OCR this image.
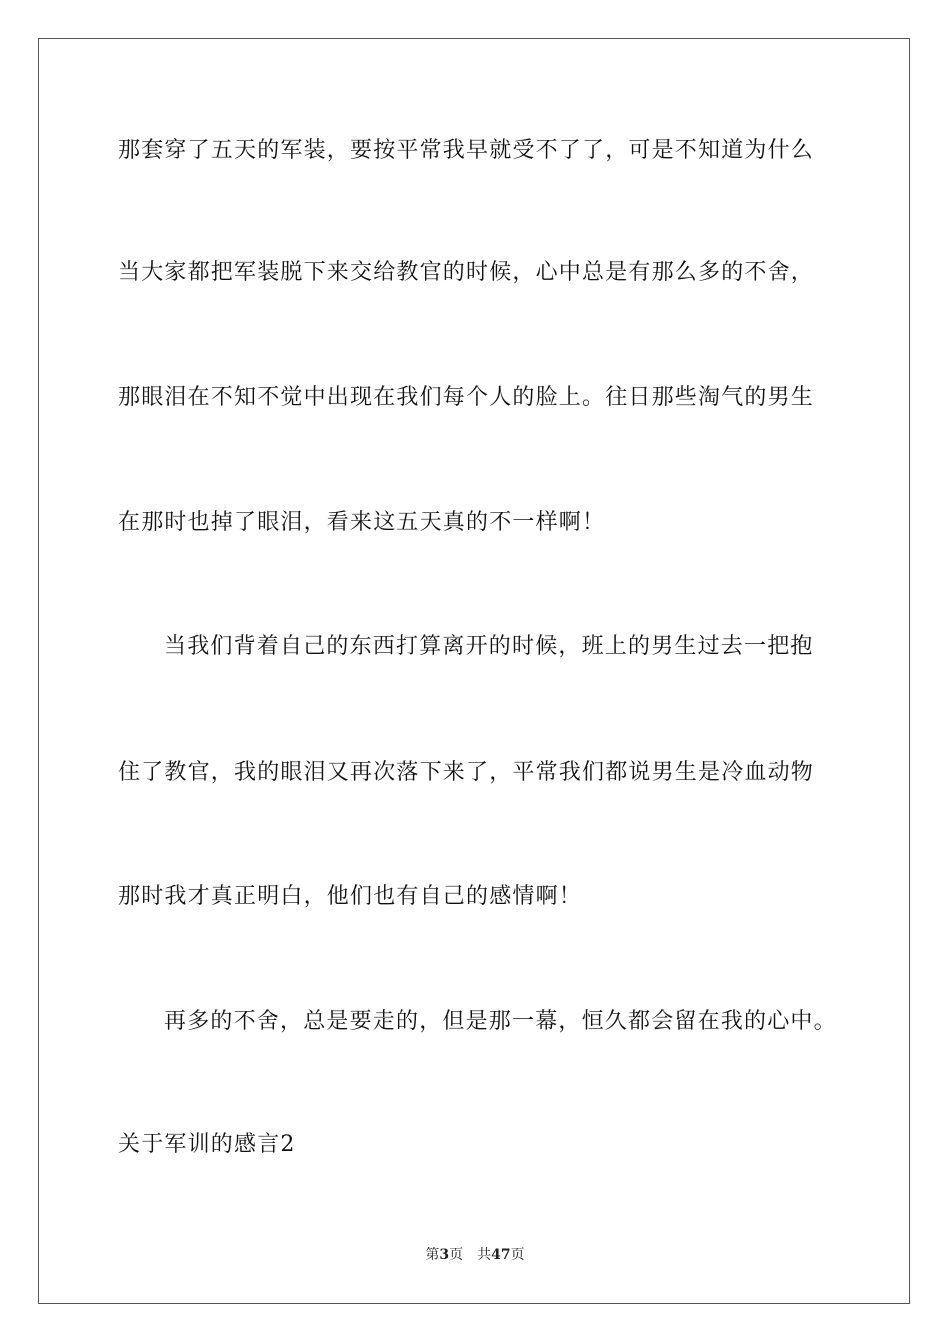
那套穿了五天的军装，要按平常我早就受不了了，可是不知道为什么
当大家都把军装脱下来交给教官的时候，心中总是有那么多的不舍，
那眼泪在不知不觉中出现在我们每个人的脸上。往日那些淘气的男生
在那时也掉了眼泪，看来这五天真的不一样啊！
当我们背着自己的东西打算离开的时候，班上的男生过去一把抱
住了教官，我的眼泪又再次落下来了，平常我们都说男生是冷血动物
那时我才真正明白，他们也有自己的感情啊！
再多的不舍，总是要走的，但是那一幕，恒久都会留在我的心中。
关于军训的感言2
第3页 共47页
